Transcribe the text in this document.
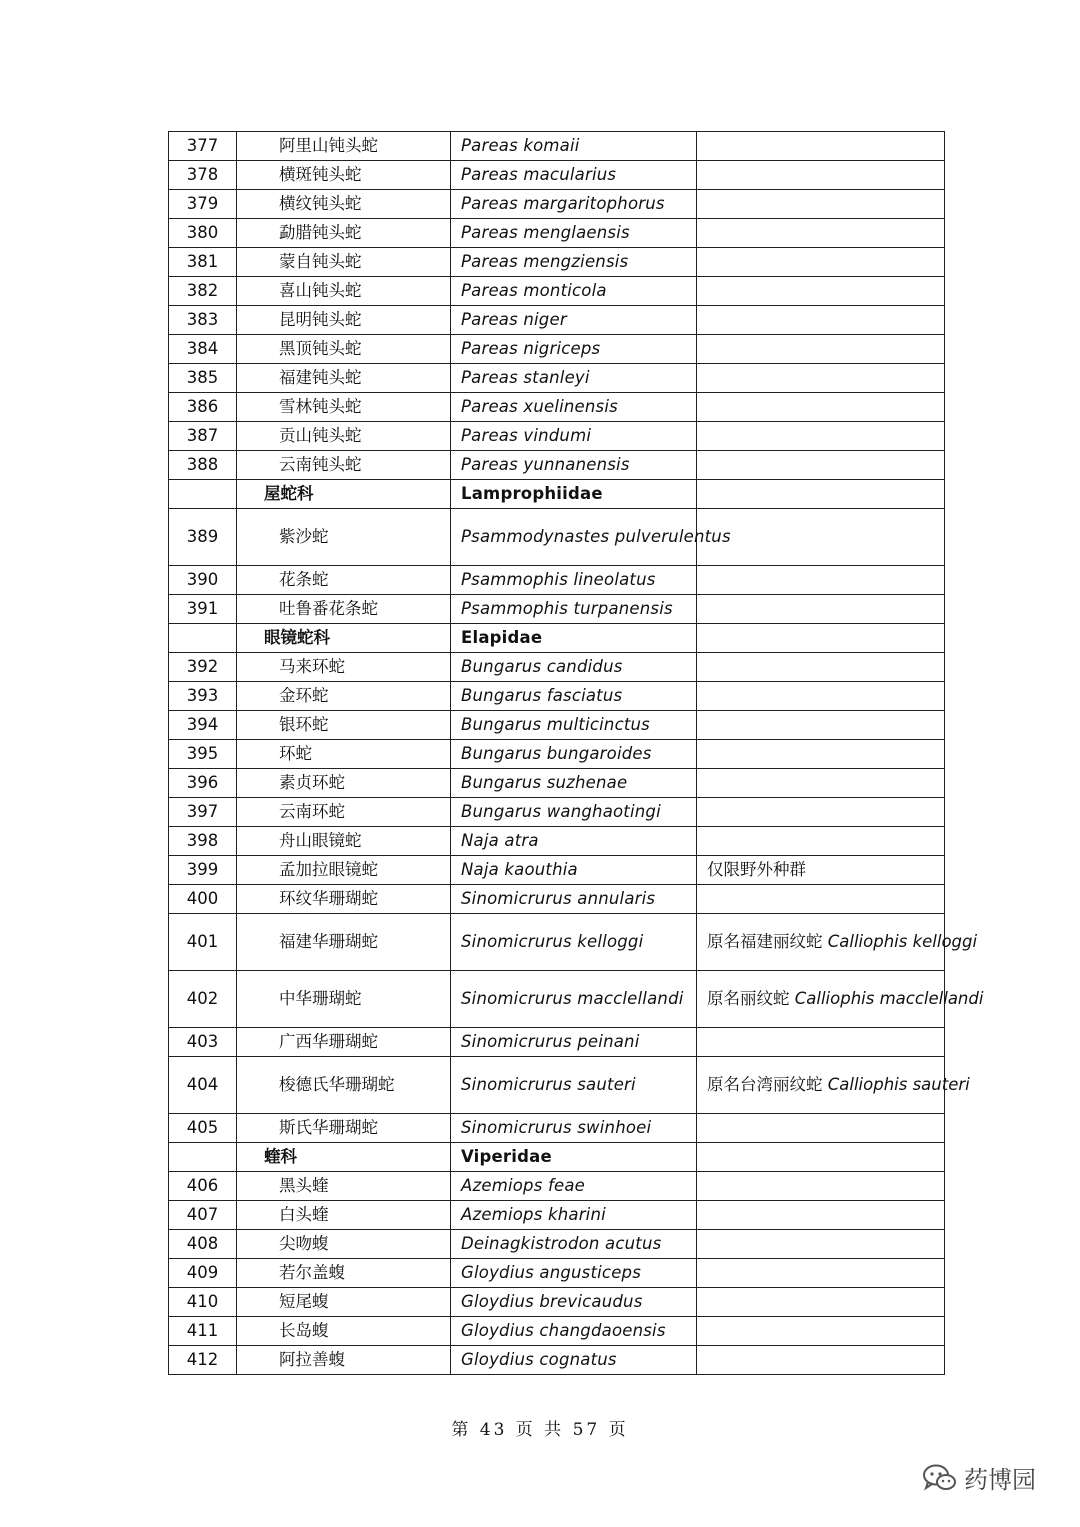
377	阿里山钝头蛇	Pareas komaii	
378	横斑钝头蛇	Pareas macularius	
379	横纹钝头蛇	Pareas margaritophorus	
380	勐腊钝头蛇	Pareas menglaensis	
381	蒙自钝头蛇	Pareas mengziensis	
382	喜山钝头蛇	Pareas monticola	
383	昆明钝头蛇	Pareas niger	
384	黑顶钝头蛇	Pareas nigriceps	
385	福建钝头蛇	Pareas stanleyi	
386	雪林钝头蛇	Pareas xuelinensis	
387	贡山钝头蛇	Pareas vindumi	
388	云南钝头蛇	Pareas yunnanensis	
	屋蛇科	Lamprophiidae	
389	紫沙蛇	Psammodynastes pulverulentus	
390	花条蛇	Psammophis lineolatus	
391	吐鲁番花条蛇	Psammophis turpanensis	
	眼镜蛇科	Elapidae	
392	马来环蛇	Bungarus candidus	
393	金环蛇	Bungarus fasciatus	
394	银环蛇	Bungarus multicinctus	
395	环蛇	Bungarus bungaroides	
396	素贞环蛇	Bungarus suzhenae	
397	云南环蛇	Bungarus wanghaotingi	
398	舟山眼镜蛇	Naja atra	
399	孟加拉眼镜蛇	Naja kaouthia	仅限野外种群
400	环纹华珊瑚蛇	Sinomicrurus annularis	
401	福建华珊瑚蛇	Sinomicrurus kelloggi	原名福建丽纹蛇 Calliophis kelloggi
402	中华珊瑚蛇	Sinomicrurus macclellandi	原名丽纹蛇 Calliophis macclellandi
403	广西华珊瑚蛇	Sinomicrurus peinani	
404	梭德氏华珊瑚蛇	Sinomicrurus sauteri	原名台湾丽纹蛇 Calliophis sauteri
405	斯氏华珊瑚蛇	Sinomicrurus swinhoei	
	蝰科	Viperidae	
406	黑头蝰	Azemiops feae	
407	白头蝰	Azemiops kharini	
408	尖吻蝮	Deinagkistrodon acutus	
409	若尔盖蝮	Gloydius angusticeps	
410	短尾蝮	Gloydius brevicaudus	
411	长岛蝮	Gloydius changdaoensis	
412	阿拉善蝮	Gloydius cognatus	
第 43 页 共 57 页
药博园
